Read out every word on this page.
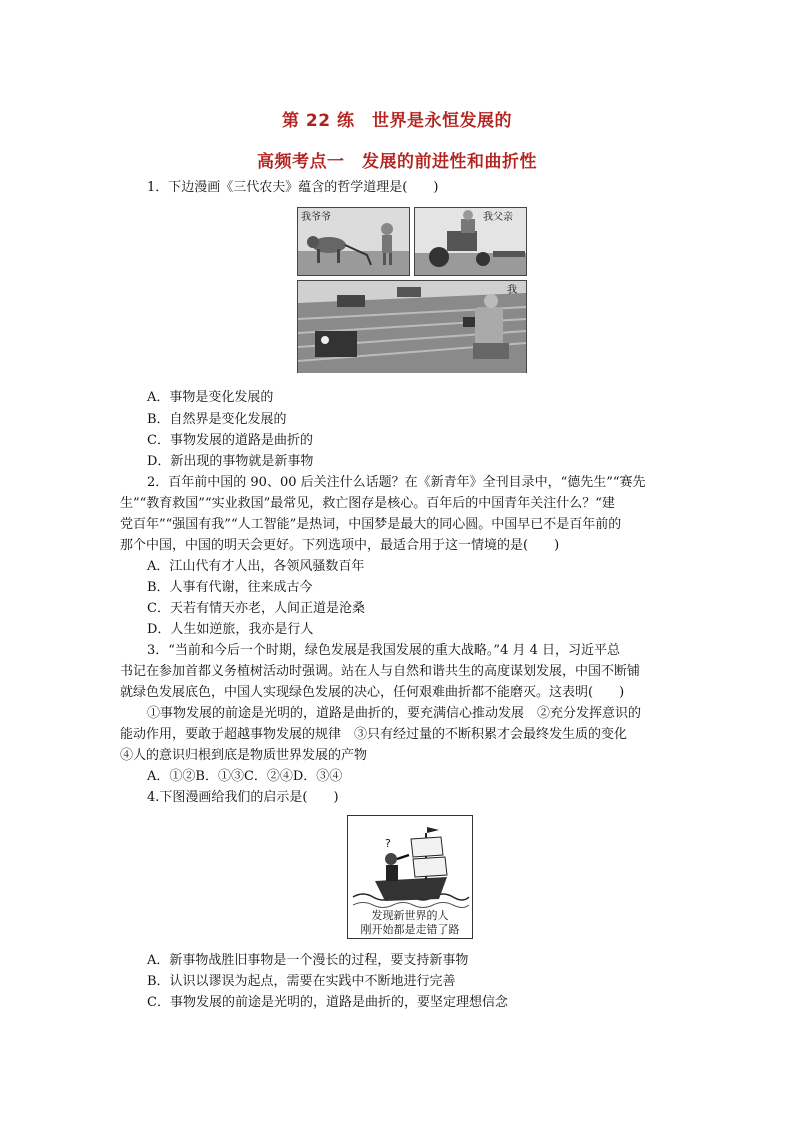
第 22 练　世界是永恒发展的
高频考点一　发展的前进性和曲折性
1．下边漫画《三代农夫》蕴含的哲学道理是(　　)
我爷爷	我父亲
我
A．事物是变化发展的
B．自然界是变化发展的
C．事物发展的道路是曲折的
D．新出现的事物就是新事物
2．百年前中国的 90、00 后关注什么话题？在《新青年》全刊目录中，“德先生”“赛先
生”“教育救国”“实业救国”最常见，救亡图存是核心。百年后的中国青年关注什么？“建
党百年”“强国有我”“人工智能”是热词，中国梦是最大的同心圆。中国早已不是百年前的
那个中国，中国的明天会更好。下列选项中，最适合用于这一情境的是(　　)
A．江山代有才人出，各领风骚数百年
B．人事有代谢，往来成古今
C．天若有情天亦老，人间正道是沧桑
D．人生如逆旅，我亦是行人
3．“当前和今后一个时期，绿色发展是我国发展的重大战略。”4 月 4 日，习近平总
书记在参加首都义务植树活动时强调。站在人与自然和谐共生的高度谋划发展，中国不断铺
就绿色发展底色，中国人实现绿色发展的决心，任何艰难曲折都不能磨灭。这表明(　　)
①事物发展的前途是光明的，道路是曲折的，要充满信心推动发展　②充分发挥意识的
能动作用，要敢于超越事物发展的规律　③只有经过量的不断积累才会最终发生质的变化
④人的意识归根到底是物质世界发展的产物
A．①②B．①③C．②④D．③④
4.下图漫画给我们的启示是(　　)
?
发现新世界的人
刚开始都是走错了路
A．新事物战胜旧事物是一个漫长的过程，要支持新事物
B．认识以谬误为起点，需要在实践中不断地进行完善
C．事物发展的前途是光明的，道路是曲折的，要坚定理想信念
